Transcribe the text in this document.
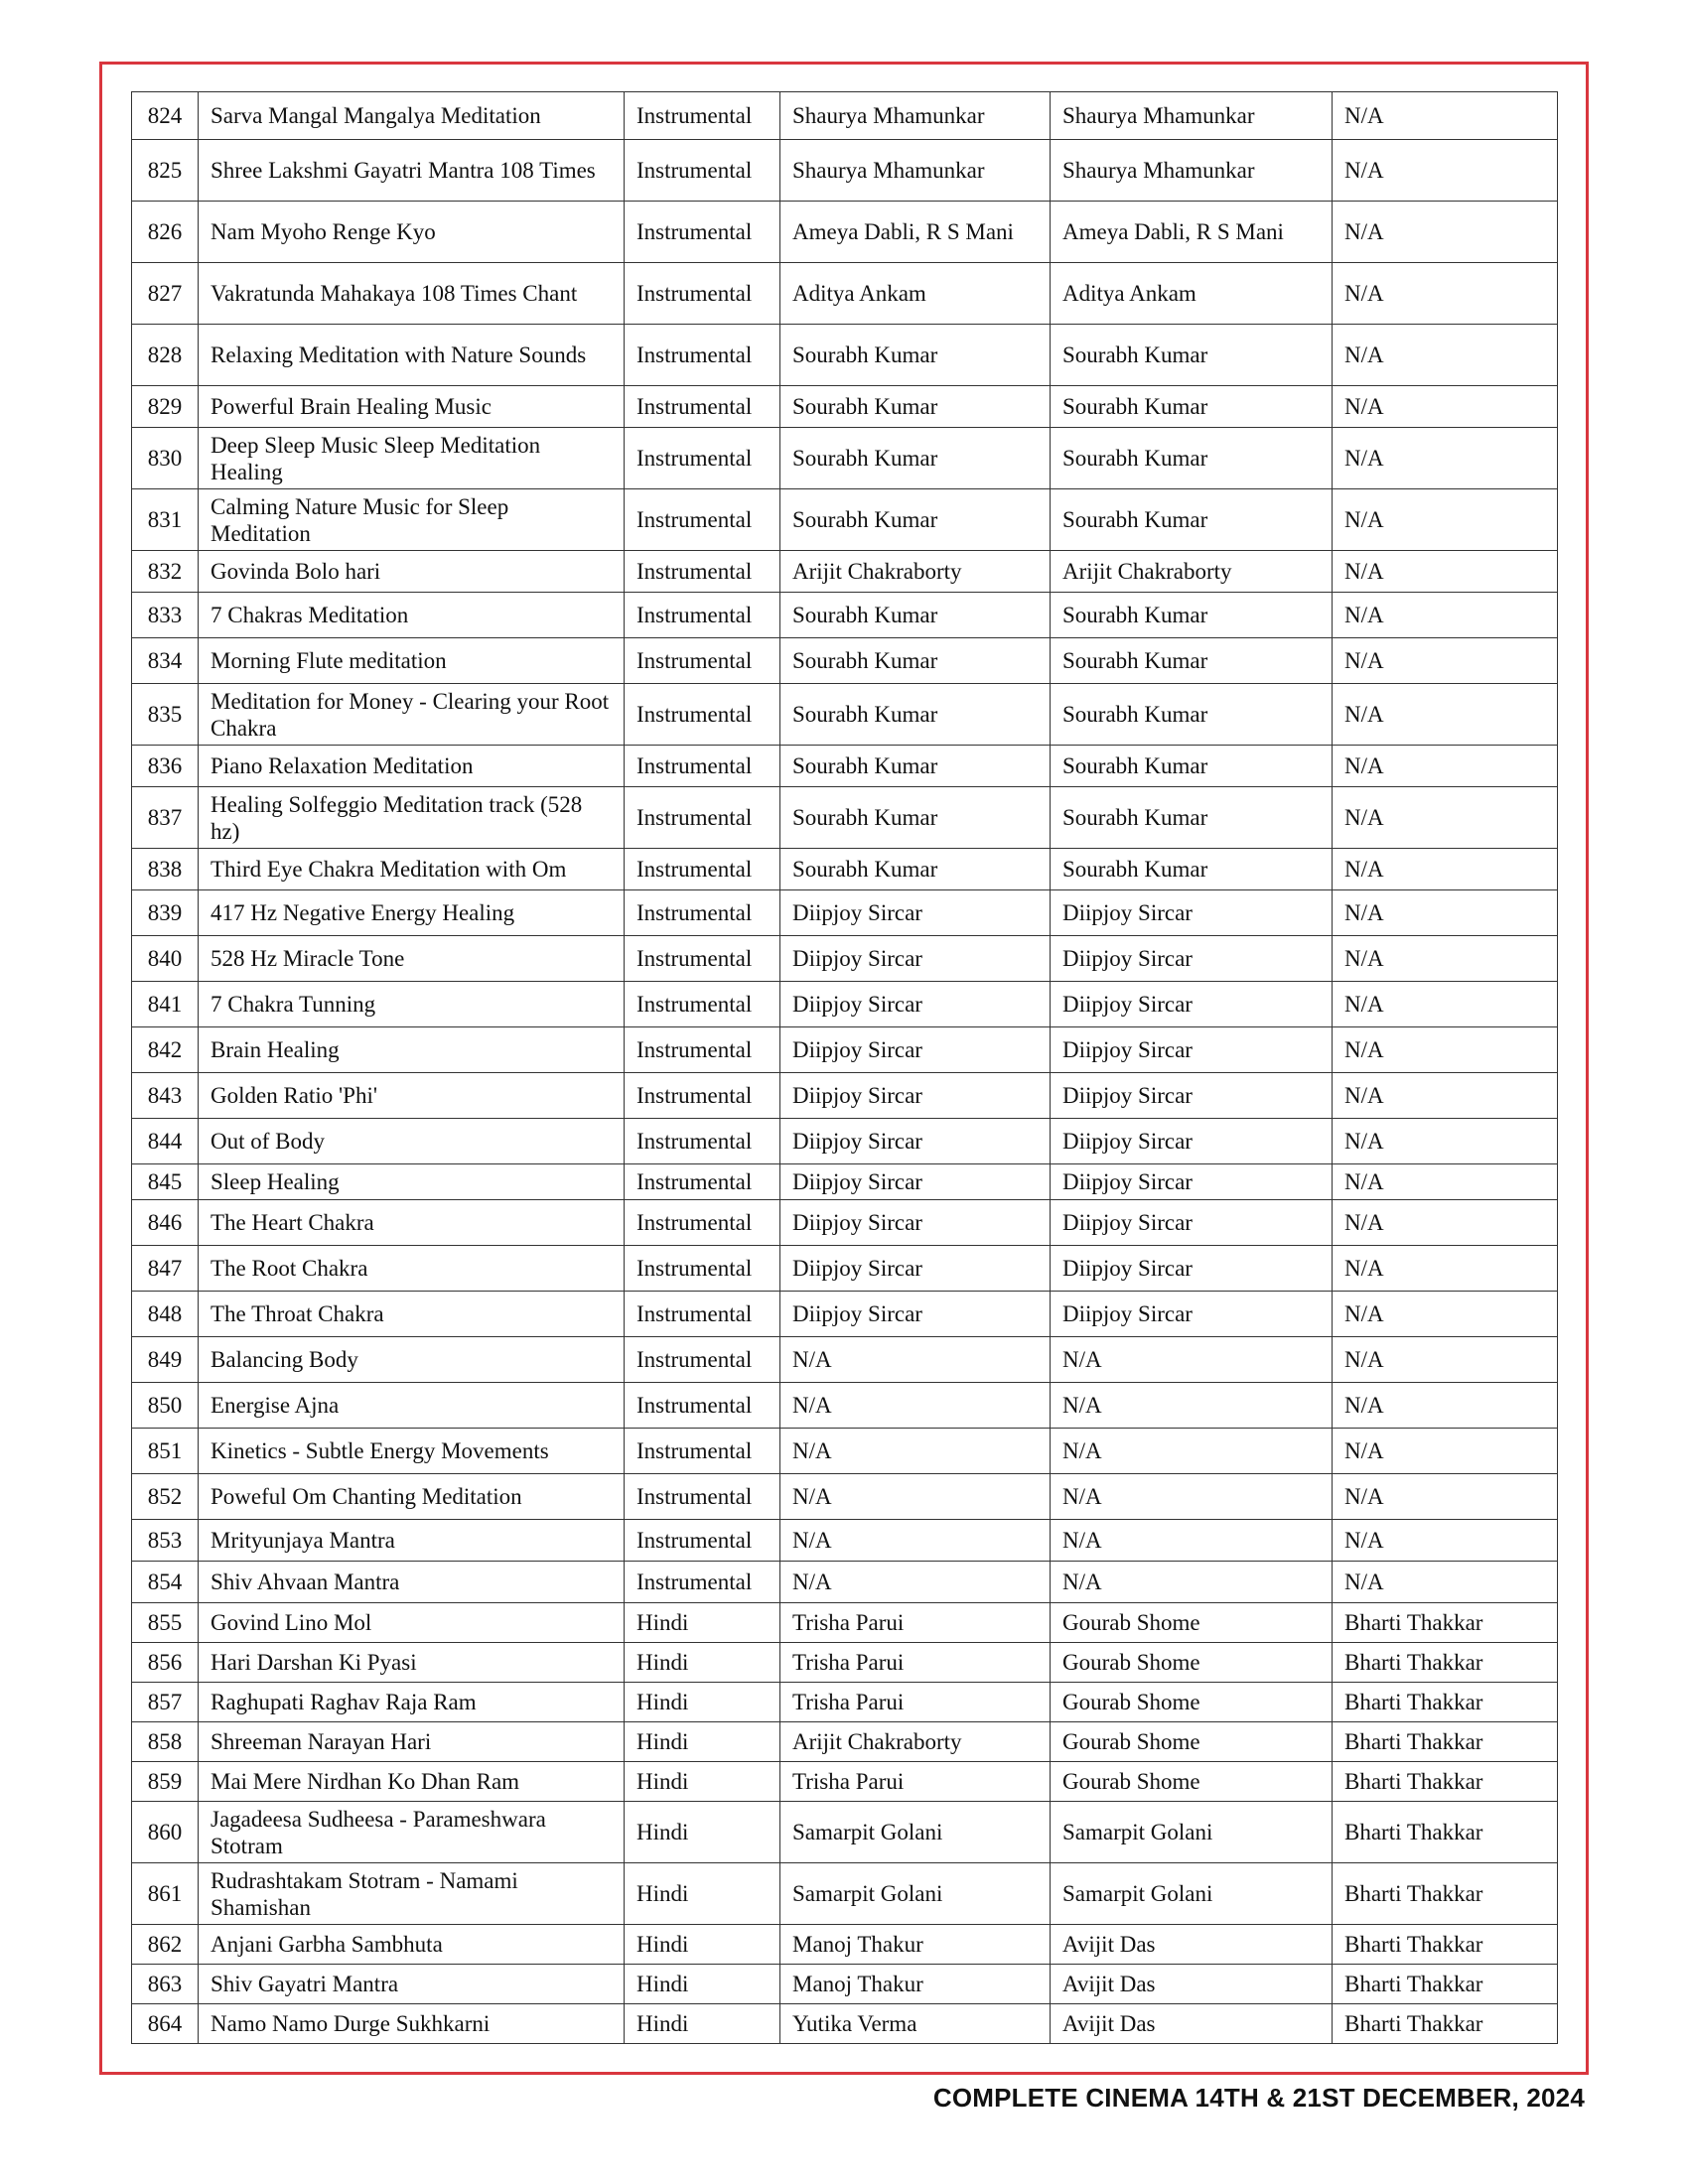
824	Sarva Mangal Mangalya Meditation	Instrumental	Shaurya Mhamunkar	Shaurya Mhamunkar	N/A
825	Shree Lakshmi Gayatri Mantra 108 Times	Instrumental	Shaurya Mhamunkar	Shaurya Mhamunkar	N/A
826	Nam Myoho Renge Kyo	Instrumental	Ameya Dabli, R S Mani	Ameya Dabli, R S Mani	N/A
827	Vakratunda Mahakaya 108 Times Chant	Instrumental	Aditya Ankam	Aditya Ankam	N/A
828	Relaxing Meditation with Nature Sounds	Instrumental	Sourabh Kumar	Sourabh Kumar	N/A
829	Powerful Brain Healing Music	Instrumental	Sourabh Kumar	Sourabh Kumar	N/A
830	Deep Sleep Music Sleep Meditation Healing	Instrumental	Sourabh Kumar	Sourabh Kumar	N/A
831	Calming Nature Music for Sleep Meditation	Instrumental	Sourabh Kumar	Sourabh Kumar	N/A
832	Govinda Bolo hari	Instrumental	Arijit Chakraborty	Arijit Chakraborty	N/A
833	7 Chakras Meditation	Instrumental	Sourabh Kumar	Sourabh Kumar	N/A
834	Morning Flute meditation	Instrumental	Sourabh Kumar	Sourabh Kumar	N/A
835	Meditation for Money - Clearing your Root Chakra	Instrumental	Sourabh Kumar	Sourabh Kumar	N/A
836	Piano Relaxation Meditation	Instrumental	Sourabh Kumar	Sourabh Kumar	N/A
837	Healing Solfeggio Meditation track (528 hz)	Instrumental	Sourabh Kumar	Sourabh Kumar	N/A
838	Third Eye Chakra Meditation with Om	Instrumental	Sourabh Kumar	Sourabh Kumar	N/A
839	417 Hz Negative Energy Healing	Instrumental	Diipjoy Sircar	Diipjoy Sircar	N/A
840	528 Hz Miracle Tone	Instrumental	Diipjoy Sircar	Diipjoy Sircar	N/A
841	7 Chakra Tunning	Instrumental	Diipjoy Sircar	Diipjoy Sircar	N/A
842	Brain Healing	Instrumental	Diipjoy Sircar	Diipjoy Sircar	N/A
843	Golden Ratio 'Phi'	Instrumental	Diipjoy Sircar	Diipjoy Sircar	N/A
844	Out of Body	Instrumental	Diipjoy Sircar	Diipjoy Sircar	N/A
845	Sleep Healing	Instrumental	Diipjoy Sircar	Diipjoy Sircar	N/A
846	The Heart Chakra	Instrumental	Diipjoy Sircar	Diipjoy Sircar	N/A
847	The Root Chakra	Instrumental	Diipjoy Sircar	Diipjoy Sircar	N/A
848	The Throat Chakra	Instrumental	Diipjoy Sircar	Diipjoy Sircar	N/A
849	Balancing Body	Instrumental	N/A	N/A	N/A
850	Energise Ajna	Instrumental	N/A	N/A	N/A
851	Kinetics - Subtle Energy Movements	Instrumental	N/A	N/A	N/A
852	Poweful Om Chanting Meditation	Instrumental	N/A	N/A	N/A
853	Mrityunjaya Mantra	Instrumental	N/A	N/A	N/A
854	Shiv Ahvaan Mantra	Instrumental	N/A	N/A	N/A
855	Govind Lino Mol	Hindi	Trisha Parui	Gourab Shome	Bharti Thakkar
856	Hari Darshan Ki Pyasi	Hindi	Trisha Parui	Gourab Shome	Bharti Thakkar
857	Raghupati Raghav Raja Ram	Hindi	Trisha Parui	Gourab Shome	Bharti Thakkar
858	Shreeman Narayan Hari	Hindi	Arijit Chakraborty	Gourab Shome	Bharti Thakkar
859	Mai Mere Nirdhan Ko Dhan Ram	Hindi	Trisha Parui	Gourab Shome	Bharti Thakkar
860	Jagadeesa Sudheesa - Parameshwara Stotram	Hindi	Samarpit Golani	Samarpit Golani	Bharti Thakkar
861	Rudrashtakam Stotram - Namami Shamishan	Hindi	Samarpit Golani	Samarpit Golani	Bharti Thakkar
862	Anjani Garbha Sambhuta	Hindi	Manoj Thakur	Avijit Das	Bharti Thakkar
863	Shiv Gayatri Mantra	Hindi	Manoj Thakur	Avijit Das	Bharti Thakkar
864	Namo Namo Durge Sukhkarni	Hindi	Yutika Verma	Avijit Das	Bharti Thakkar
COMPLETE CINEMA 14TH & 21ST DECEMBER, 2024
